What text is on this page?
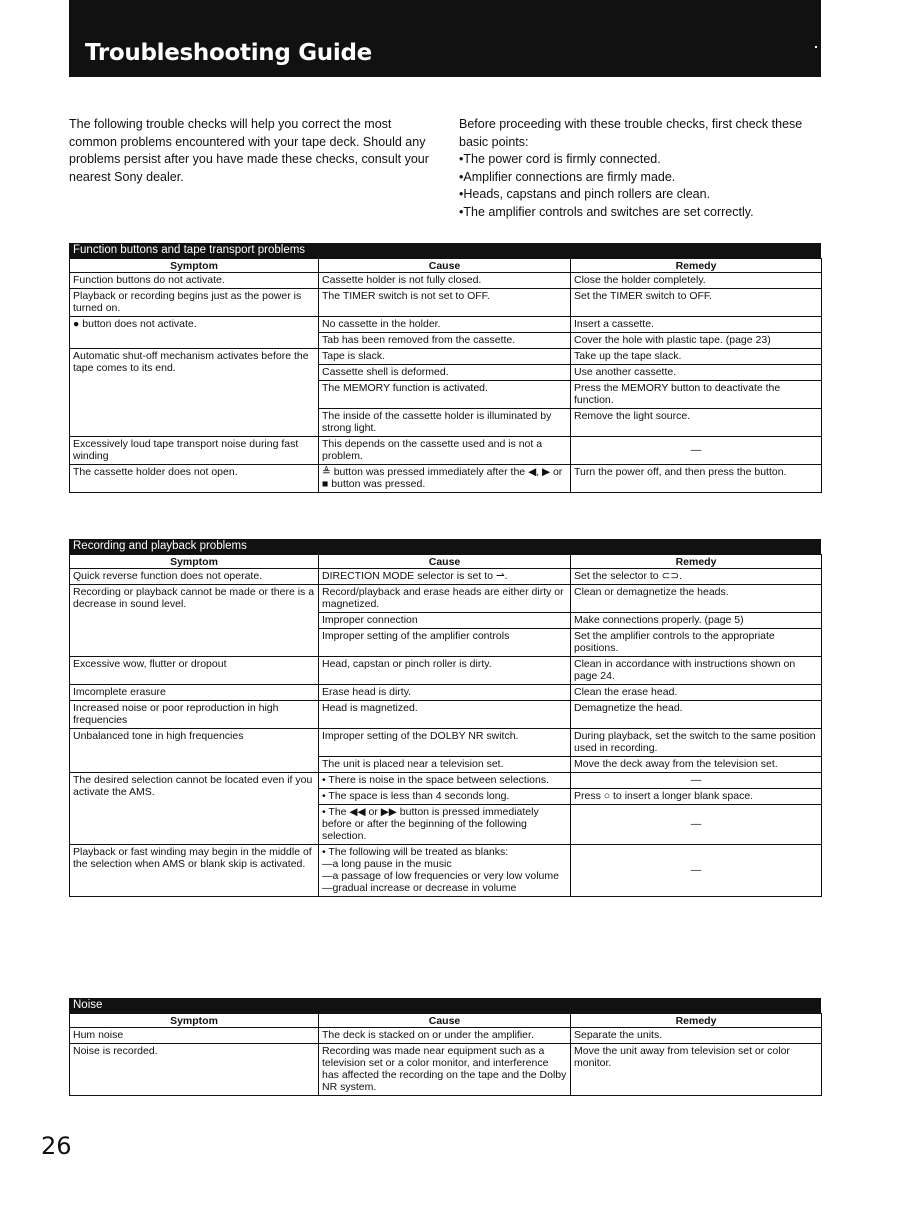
Troubleshooting Guide
The following trouble checks will help you correct the most common problems encountered with your tape deck. Should any problems persist after you have made these checks, consult your nearest Sony dealer.
Before proceeding with these trouble checks, first check these basic points:
• The power cord is firmly connected.
• Amplifier connections are firmly made.
• Heads, capstans and pinch rollers are clean.
• The amplifier controls and switches are set correctly.
Function buttons and tape transport problems
Symptom	Cause	Remedy
Function buttons do not activate.	Cassette holder is not fully closed.	Close the holder completely.
Playback or recording begins just as the power is turned on.	The TIMER switch is not set to OFF.	Set the TIMER switch to OFF.
● button does not activate.	No cassette in the holder.	Insert a cassette.
	Tab has been removed from the cassette.	Cover the hole with plastic tape. (page 23)
Automatic shut-off mechanism activates before the tape comes to its end.	Tape is slack.	Take up the tape slack.
	Cassette shell is deformed.	Use another cassette.
	The MEMORY function is activated.	Press the MEMORY button to deactivate the function.
	The inside of the cassette holder is illuminated by strong light.	Remove the light source.
Excessively loud tape transport noise during fast winding	This depends on the cassette used and is not a problem.	—
The cassette holder does not open.	≜ button was pressed immediately after the ◀, ▶ or ■ button was pressed.	Turn the power off, and then press the button.
Recording and playback problems
Symptom	Cause	Remedy
Quick reverse function does not operate.	DIRECTION MODE selector is set to ⇀.	Set the selector to ⊂⊃.
Recording or playback cannot be made or there is a decrease in sound level.	Record/playback and erase heads are either dirty or magnetized.	Clean or demagnetize the heads.
	Improper connection	Make connections properly. (page 5)
	Improper setting of the amplifier controls	Set the amplifier controls to the appropriate positions.
Excessive wow, flutter or dropout	Head, capstan or pinch roller is dirty.	Clean in accordance with instructions shown on page 24.
Imcomplete erasure	Erase head is dirty.	Clean the erase head.
Increased noise or poor reproduction in high frequencies	Head is magnetized.	Demagnetize the head.
Unbalanced tone in high frequencies	Improper setting of the DOLBY NR switch.	During playback, set the switch to the same position used in recording.
	The unit is placed near a television set.	Move the deck away from the television set.
The desired selection cannot be located even if you activate the AMS.	• There is noise in the space between selections.	—
	• The space is less than 4 seconds long.	Press ○ to insert a longer blank space.
	• The ◀◀ or ▶▶ button is pressed immediately before or after the beginning of the following selection.	—
Playback or fast winding may begin in the middle of the selection when AMS or blank skip is activated.	• The following will be treated as blanks:
—a long pause in the music
—a passage of low frequencies or very low volume
—gradual increase or decrease in volume	—
Noise
Symptom	Cause	Remedy
Hum noise	The deck is stacked on or under the amplifier.	Separate the units.
Noise is recorded.	Recording was made near equipment such as a television set or a color monitor, and interference has affected the recording on the tape and the Dolby NR system.	Move the unit away from television set or color monitor.
26
